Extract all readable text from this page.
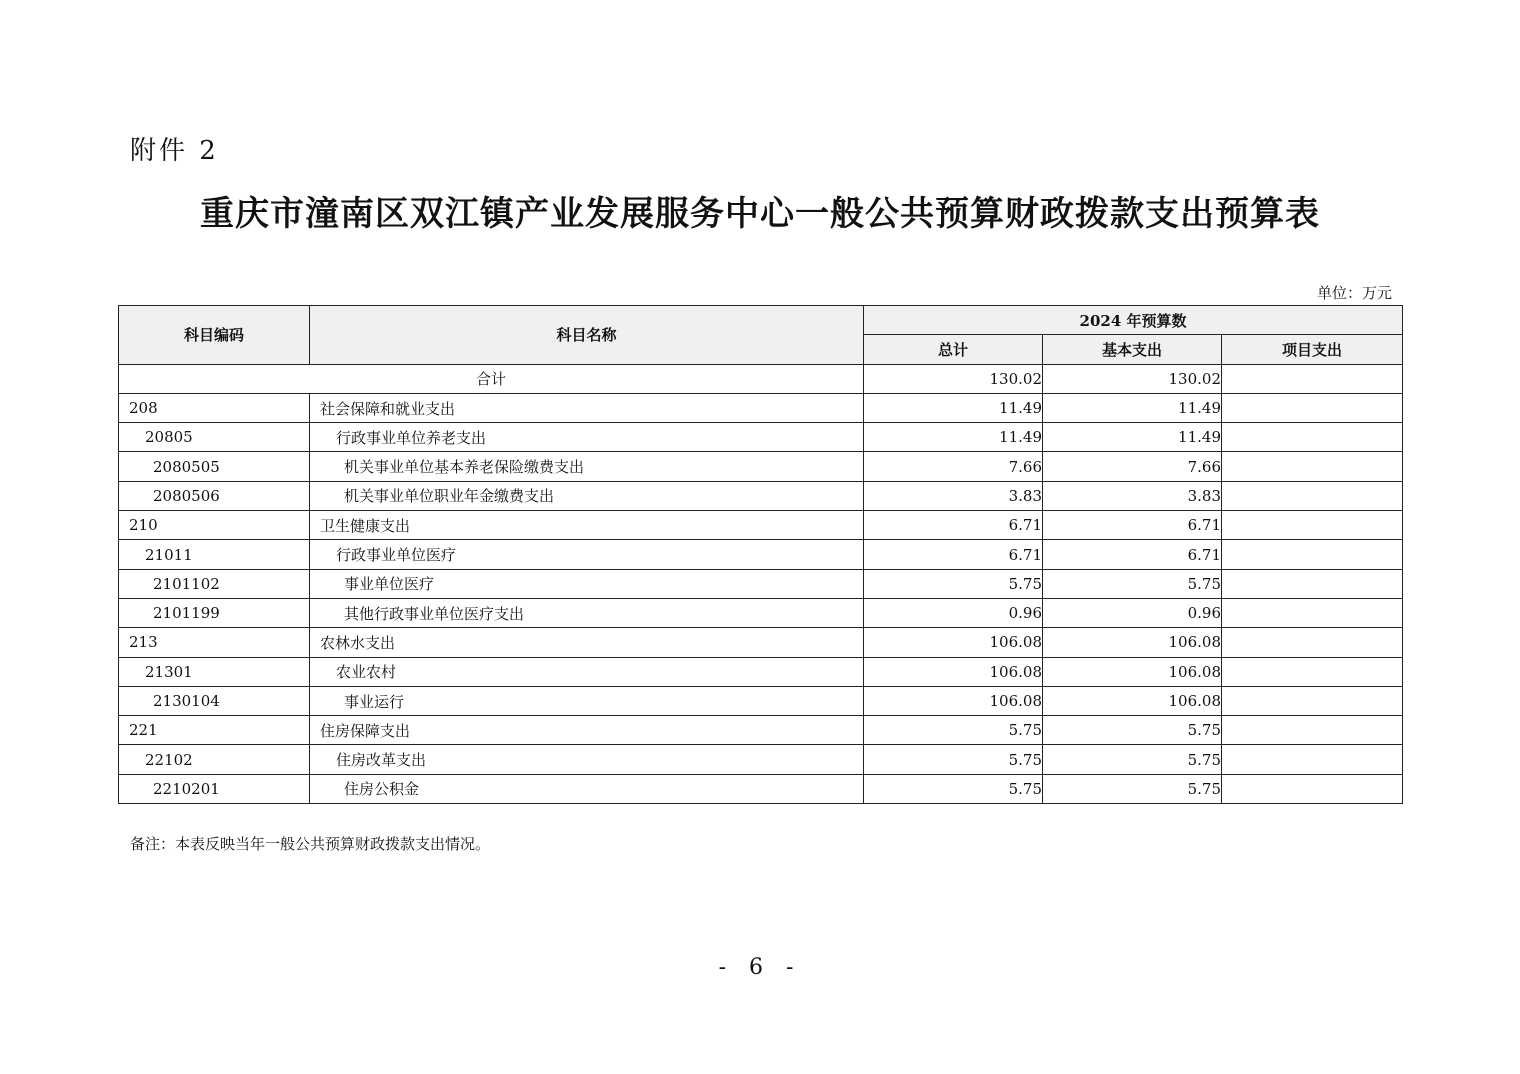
附件 2
重庆市潼南区双江镇产业发展服务中心一般公共预算财政拨款支出预算表
单位：万元
科目编码	科目名称	2024 年预算数		
		总计	基本支出	项目支出
合计		130.02	130.02	
208	社会保障和就业支出	11.49	11.49	
20805	行政事业单位养老支出	11.49	11.49	
2080505	机关事业单位基本养老保险缴费支出	7.66	7.66	
2080506	机关事业单位职业年金缴费支出	3.83	3.83	
210	卫生健康支出	6.71	6.71	
21011	行政事业单位医疗	6.71	6.71	
2101102	事业单位医疗	5.75	5.75	
2101199	其他行政事业单位医疗支出	0.96	0.96	
213	农林水支出	106.08	106.08	
21301	农业农村	106.08	106.08	
2130104	事业运行	106.08	106.08	
221	住房保障支出	5.75	5.75	
22102	住房改革支出	5.75	5.75	
2210201	住房公积金	5.75	5.75	
备注：本表反映当年一般公共预算财政拨款支出情况。
- 6 -
